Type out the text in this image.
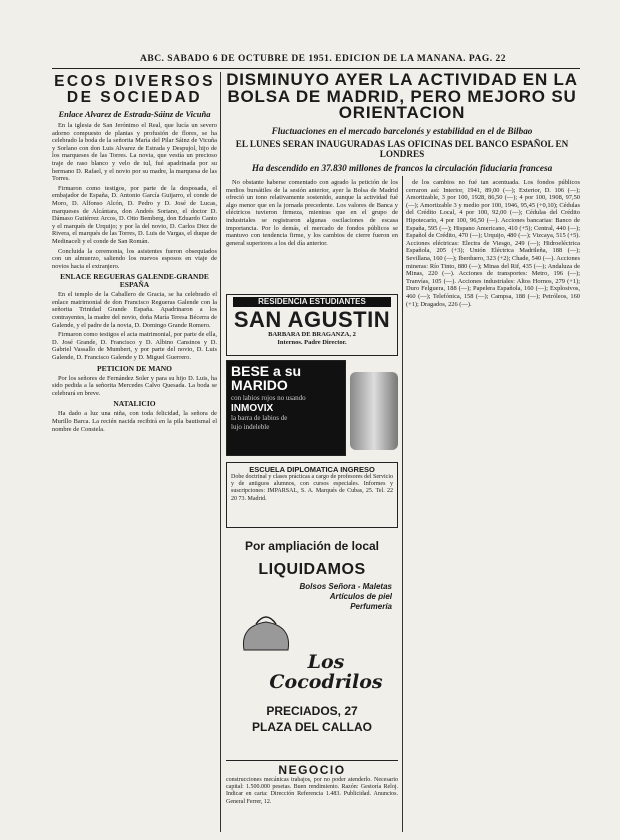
ABC. SABADO 6 DE OCTUBRE DE 1951. EDICION DE LA MAÑANA. PAG. 22
ECOS DIVERSOS DE SOCIEDAD
Enlace Alvarez de Estrada-Sáinz de Vicuña

En la iglesia de San Jerónimo el Real, que lucía un severo adorno compuesto de plantas y profusión de flores, se ha celebrado la boda de la señorita María del Pilar Sáinz de Vicuña y Sorlano con don Luis Alvarez de Estrada y Despujol, hijo de los marqueses de las Torres. La novia, que vestía un precioso traje de raso blanco y velo de tul, fué apadrinada por su hermano D. Rafael, y el novio por su madre, la marquesa de las Torres.

Firmaron como testigos, por parte de la desposada, el embajador de España, D. Antonio García Guijarro, el conde de Moro, D. Alfonso Alcón, D. Pedro y D. José de Lucas, marqueses de Alcántara, don Andrés Soriano, el doctor D. Dámaso Gutiérrez Arcos, D. Otto Bemberg, don Eduardo Canto y el marqués de Urquijo; y por la del novio, D. Carlos Diez de Rivera, el marqués de las Torres, D. Luis de Vargas, el duque de Medinaceli y el conde de San Román.

Concluida la ceremonia, los asistentes fueron obsequiados con un almuerzo, saliendo los nuevos esposos en viaje de novios hacia el extranjero.

ENLACE REGUERAS GALENDE-GRANDE ESPAÑA

En el templo de la Caballero de Gracia, se ha celebrado el enlace matrimonial de don Francisco Regueras Galende con la señorita Trinidad Grande España. Apadrinaron a los contrayentes, la madre del novio, doña María Teresa Bécerra de Galende, y el padre de la novia, D. Domingo Grande Romero.

Firmaron como testigos el acta matrimonial, por parte de ella, D. José Grande, D. Francisco y D. Albino Cansinos y D. Gabriel Vassallo de Mumbert, y por parte del novio, D. Luis Galende, D. Francisco Galende y D. Miguel Guerrero.

PETICION DE MANO

Por los señores de Fernández Soler y para su hijo D. Luis, ha sido pedida a la señorita Mercedes Calvo Quesada. La boda se celebrará en breve.

NATALICIO

Ha dado a luz una niña, con toda felicidad, la señora de Murillo Barca. La recién nacida recibirá en la pila bautismal el nombre de Constela.

DISMINUYO AYER LA ACTIVIDAD EN LA BOLSA DE MADRID, PERO MEJORO SU ORIENTACION
Fluctuaciones en el mercado barcelonés y estabilidad en el de Bilbao
EL LUNES SERAN INAUGURADAS LAS OFICINAS DEL BANCO ESPAÑOL EN LONDRES
Ha descendido en 37.830 millones de francos la circulación fiduciaria francesa

No obstante haberse comentado con agrado la petición de los medios bursátiles de la sesión anterior, ayer la Bolsa de Madrid ofreció un tono relativamente sostenido, aunque la actividad fué algo menor que en la jornada precedente. Los valores de Banca y eléctricos tuvieron firmeza, mientras que en el grupo de industriales se registraron algunas oscilaciones de escasa importancia. Por lo demás, el mercado de fondos públicos se mantuvo con tendencia firme, y los cambios de cierre fueron en general superiores a los del día anterior.

de los cambios no fué tan acentuada. Los fondos públicos cerraron así: Interior, 1941, 89,00 (—); Exterior, D. 106 (—); Amortizable, 3 por 100, 1928, 86,50 (—); 4 por 100, 1908, 97,50 (—); Amortizable 3 y medio por 100, 1946, 95,45 (+0,10); Cédulas del Crédito Local, 4 por 100, 92,00 (—); Cédulas del Crédito Hipotecario, 4 por 100, 96,50 (—). Acciones bancarias: Banco de España, 595 (—); Hispano Americano, 410 (+5); Central, 440 (—); Español de Crédito, 470 (—); Urquijo, 480 (—); Vizcaya, 515 (+5). Acciones eléctricas: Electra de Viesgo, 249 (—); Hidroeléctrica Española, 205 (+3); Unión Eléctrica Madrileña, 188 (—); Sevillana, 160 (—); Iberduero, 323 (+2); Chade, 540 (—). Acciones mineras: Río Tinto, 880 (—); Minas del Rif, 435 (—); Andaluza de Minas, 220 (—). Acciones de transportes: Metro, 196 (—); Tranvías, 105 (—). Acciones industriales: Altos Hornos, 279 (+1); Duro Felguera, 188 (—); Papelera Española, 160 (—); Explosivos, 460 (—); Telefónica, 158 (—); Campsa, 188 (—); Petróleos, 160 (+1); Dragados, 226 (—).

RESIDENCIA ESTUDIANTES
SAN AGUSTIN
BARBARA DE BRAGANZA, 2
Internos. Padre Director.
BESE a su MARIDO
con labios rojos no usando
INMOVIX
la barra de labios de
lujo indeleble
ESCUELA DIPLOMATICA INGRESO
Dobe doctrinal y clases prácticas a cargo de profesores del Servicio y de antiguos alumnos, con cursos especiales. Informes y suscripciones: IMPARSAL, S. A. Marqués de Cubas, 25. Tel. 22 20 73. Madrid.
Por ampliación de local
LIQUIDAMOS
Bolsos Señora - Maletas
Artículos de piel
Perfumería
Los Cocodrilos
PRECIADOS, 27
PLAZA DEL CALLAO
NEGOCIO
construcciones mecánicas trabajos, por no poder atenderlo. Necesario capital: 1.500.000 pesetas. Buen rendimiento. Razón: Gestoría Reloj. Indicar en carta: Dirección Referencia 1.483. Publicidad. Anuncios. General Ferrer, 12.
